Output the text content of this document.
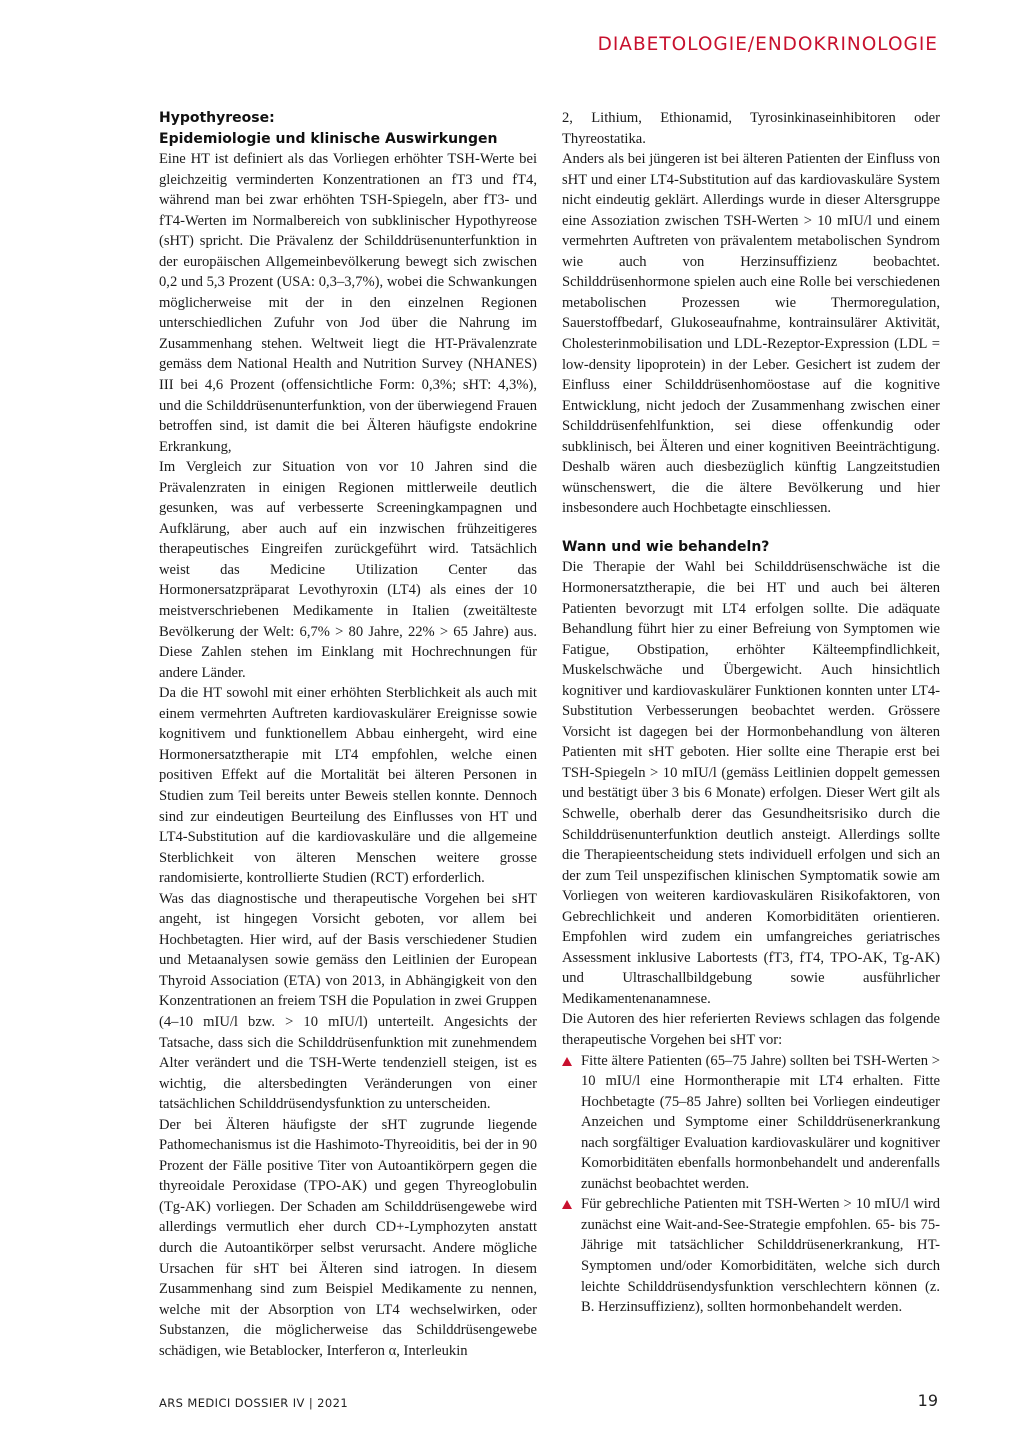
DIABETOLOGIE/ENDOKRINOLOGIE
Hypothyreose:
Epidemiologie und klinische Auswirkungen

Eine HT ist definiert als das Vorliegen erhöhter TSH-Werte bei gleichzeitig verminderten Konzentrationen an fT3 und fT4, während man bei zwar erhöhten TSH-Spiegeln, aber fT3- und fT4-Werten im Normalbereich von subklinischer Hypothyreose (sHT) spricht. Die Prävalenz der Schilddrüsenunterfunktion in der europäischen Allgemeinbevölkerung bewegt sich zwischen 0,2 und 5,3 Prozent (USA: 0,3–3,7%), wobei die Schwankungen möglicherweise mit der in den einzelnen Regionen unterschiedlichen Zufuhr von Jod über die Nahrung im Zusammenhang stehen. Weltweit liegt die HT-Prävalenzrate gemäss dem National Health and Nutrition Survey (NHANES) III bei 4,6 Prozent (offensichtliche Form: 0,3%; sHT: 4,3%), und die Schilddrüsenunterfunktion, von der überwiegend Frauen betroffen sind, ist damit die bei Älteren häufigste endokrine Erkrankung,

Im Vergleich zur Situation von vor 10 Jahren sind die Prävalenzraten in einigen Regionen mittlerweile deutlich gesunken, was auf verbesserte Screeningkampagnen und Aufklärung, aber auch auf ein inzwischen frühzeitigeres therapeutisches Eingreifen zurückgeführt wird. Tatsächlich weist das Medicine Utilization Center das Hormonersatzpräparat Levothyroxin (LT4) als eines der 10 meistverschriebenen Medikamente in Italien (zweitälteste Bevölkerung der Welt: 6,7% > 80 Jahre, 22% > 65 Jahre) aus. Diese Zahlen stehen im Einklang mit Hochrechnungen für andere Länder.

Da die HT sowohl mit einer erhöhten Sterblichkeit als auch mit einem vermehrten Auftreten kardiovaskulärer Ereignisse sowie kognitivem und funktionellem Abbau einhergeht, wird eine Hormonersatztherapie mit LT4 empfohlen, welche einen positiven Effekt auf die Mortalität bei älteren Personen in Studien zum Teil bereits unter Beweis stellen konnte. Dennoch sind zur eindeutigen Beurteilung des Einflusses von HT und LT4-Substitution auf die kardiovaskuläre und die allgemeine Sterblichkeit von älteren Menschen weitere grosse randomisierte, kontrollierte Studien (RCT) erforderlich.

Was das diagnostische und therapeutische Vorgehen bei sHT angeht, ist hingegen Vorsicht geboten, vor allem bei Hochbetagten. Hier wird, auf der Basis verschiedener Studien und Metaanalysen sowie gemäss den Leitlinien der European Thyroid Association (ETA) von 2013, in Abhängigkeit von den Konzentrationen an freiem TSH die Population in zwei Gruppen (4–10 mIU/l bzw. > 10 mIU/l) unterteilt. Angesichts der Tatsache, dass sich die Schilddrüsenfunktion mit zunehmendem Alter verändert und die TSH-Werte tendenziell steigen, ist es wichtig, die altersbedingten Veränderungen von einer tatsächlichen Schilddrüsendysfunktion zu unterscheiden.

Der bei Älteren häufigste der sHT zugrunde liegende Pathomechanismus ist die Hashimoto-Thyreoiditis, bei der in 90 Prozent der Fälle positive Titer von Autoantikörpern gegen die thyreoidale Peroxidase (TPO-AK) und gegen Thyreoglobulin (Tg-AK) vorliegen. Der Schaden am Schilddrüsengewebe wird allerdings vermutlich eher durch CD+-Lymphozyten anstatt durch die Autoantikörper selbst verursacht. Andere mögliche Ursachen für sHT bei Älteren sind iatrogen. In diesem Zusammenhang sind zum Beispiel Medikamente zu nennen, welche mit der Absorption von LT4 wechselwirken, oder Substanzen, die möglicherweise das Schilddrüsengewebe schädigen, wie Betablocker, Interferon α, Interleukin

2, Lithium, Ethionamid, Tyrosinkinaseinhibitoren oder Thyreostatika.

Anders als bei jüngeren ist bei älteren Patienten der Einfluss von sHT und einer LT4-Substitution auf das kardiovaskuläre System nicht eindeutig geklärt. Allerdings wurde in dieser Altersgruppe eine Assoziation zwischen TSH-Werten > 10 mIU/l und einem vermehrten Auftreten von prävalentem metabolischen Syndrom wie auch von Herzinsuffizienz beobachtet. Schilddrüsenhormone spielen auch eine Rolle bei verschiedenen metabolischen Prozessen wie Thermoregulation, Sauerstoffbedarf, Glukoseaufnahme, kontrainsulärer Aktivität, Cholesterinmobilisation und LDL-Rezeptor-Expression (LDL = low-density lipoprotein) in der Leber. Gesichert ist zudem der Einfluss einer Schilddrüsenhomöostase auf die kognitive Entwicklung, nicht jedoch der Zusammenhang zwischen einer Schilddrüsenfehlfunktion, sei diese offenkundig oder subklinisch, bei Älteren und einer kognitiven Beeinträchtigung. Deshalb wären auch diesbezüglich künftig Langzeitstudien wünschenswert, die die ältere Bevölkerung und hier insbesondere auch Hochbetagte einschliessen.

Wann und wie behandeln?

Die Therapie der Wahl bei Schilddrüsenschwäche ist die Hormonersatztherapie, die bei HT und auch bei älteren Patienten bevorzugt mit LT4 erfolgen sollte. Die adäquate Behandlung führt hier zu einer Befreiung von Symptomen wie Fatigue, Obstipation, erhöhter Kälteempfindlichkeit, Muskelschwäche und Übergewicht. Auch hinsichtlich kognitiver und kardiovaskulärer Funktionen konnten unter LT4-Substitution Verbesserungen beobachtet werden. Grössere Vorsicht ist dagegen bei der Hormonbehandlung von älteren Patienten mit sHT geboten. Hier sollte eine Therapie erst bei TSH-Spiegeln > 10 mIU/l (gemäss Leitlinien doppelt gemessen und bestätigt über 3 bis 6 Monate) erfolgen. Dieser Wert gilt als Schwelle, oberhalb derer das Gesundheitsrisiko durch die Schilddrüsenunterfunktion deutlich ansteigt. Allerdings sollte die Therapieentscheidung stets individuell erfolgen und sich an der zum Teil unspezifischen klinischen Symptomatik sowie am Vorliegen von weiteren kardiovaskulären Risikofaktoren, von Gebrechlichkeit und anderen Komorbiditäten orientieren. Empfohlen wird zudem ein umfangreiches geriatrisches Assessment inklusive Labortests (fT3, fT4, TPO-AK, Tg-AK) und Ultraschallbildgebung sowie ausführlicher Medikamentenanamnese.

Die Autoren des hier referierten Reviews schlagen das folgende therapeutische Vorgehen bei sHT vor:

Fitte ältere Patienten (65–75 Jahre) sollten bei TSH-Werten > 10 mIU/l eine Hormontherapie mit LT4 erhalten. Fitte Hochbetagte (75–85 Jahre) sollten bei Vorliegen eindeutiger Anzeichen und Symptome einer Schilddrüsenerkrankung nach sorgfältiger Evaluation kardiovaskulärer und kognitiver Komorbiditäten ebenfalls hormonbehandelt und anderenfalls zunächst beobachtet werden.
Für gebrechliche Patienten mit TSH-Werten > 10 mIU/l wird zunächst eine Wait-and-See-Strategie empfohlen. 65- bis 75-Jährige mit tatsächlicher Schilddrüsenerkrankung, HT-Symptomen und/oder Komorbiditäten, welche sich durch leichte Schilddrüsendysfunktion verschlechtern können (z. B. Herzinsuffizienz), sollten hormonbehandelt werden.
ARS MEDICI DOSSIER IV | 2021	19
